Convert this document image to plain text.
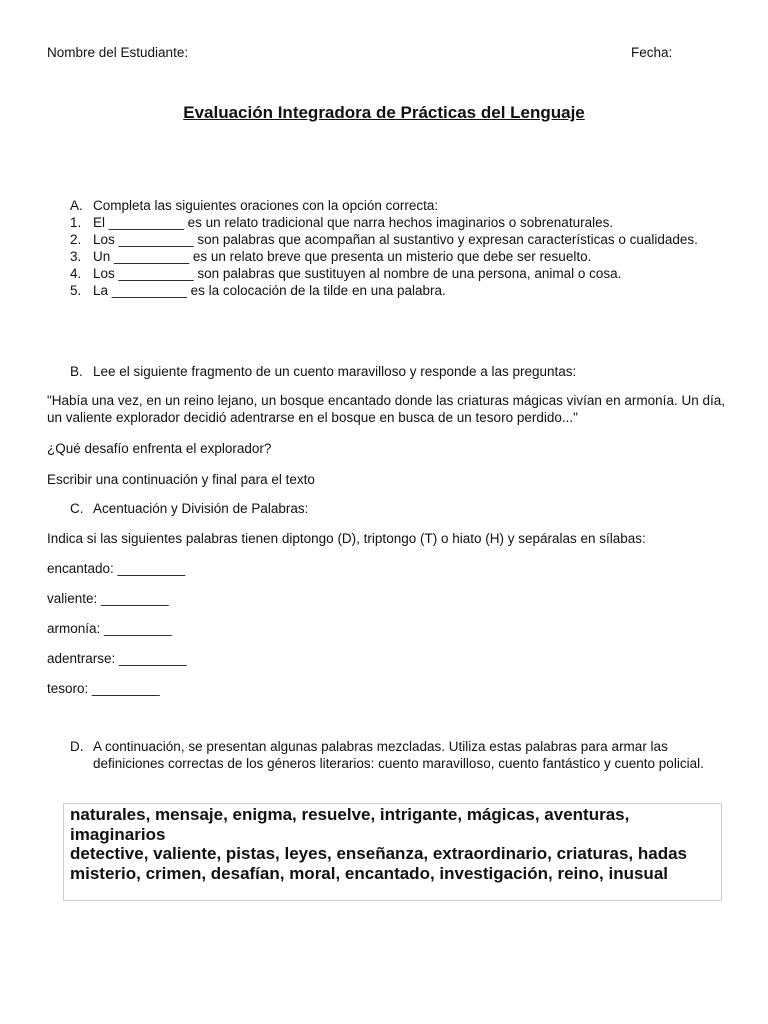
Nombre del Estudiante:	Fecha:
Evaluación Integradora de Prácticas del Lenguaje
A. Completa las siguientes oraciones con la opción correcta:
1. El __________ es un relato tradicional que narra hechos imaginarios o sobrenaturales.
2. Los __________ son palabras que acompañan al sustantivo y expresan características o cualidades.
3. Un __________ es un relato breve que presenta un misterio que debe ser resuelto.
4. Los __________ son palabras que sustituyen al nombre de una persona, animal o cosa.
5. La __________ es la colocación de la tilde en una palabra.
B. Lee el siguiente fragmento de un cuento maravilloso y responde a las preguntas:
"Había una vez, en un reino lejano, un bosque encantado donde las criaturas mágicas vivían en armonía. Un día, un valiente explorador decidió adentrarse en el bosque en busca de un tesoro perdido..."
¿Qué desafío enfrenta el explorador?
Escribir una continuación y final para el texto
C. Acentuación y División de Palabras:
Indica si las siguientes palabras tienen diptongo (D), triptongo (T) o hiato (H) y sepáralas en sílabas:
encantado: _________
valiente: _________
armonía: _________
adentrarse: _________
tesoro: _________
D. A continuación, se presentan algunas palabras mezcladas. Utiliza estas palabras para armar las definiciones correctas de los géneros literarios: cuento maravilloso, cuento fantástico y cuento policial.
naturales, mensaje, enigma, resuelve, intrigante, mágicas, aventuras, imaginarios
detective, valiente, pistas, leyes, enseñanza, extraordinario, criaturas, hadas
misterio, crimen, desafían, moral, encantado, investigación, reino, inusual
